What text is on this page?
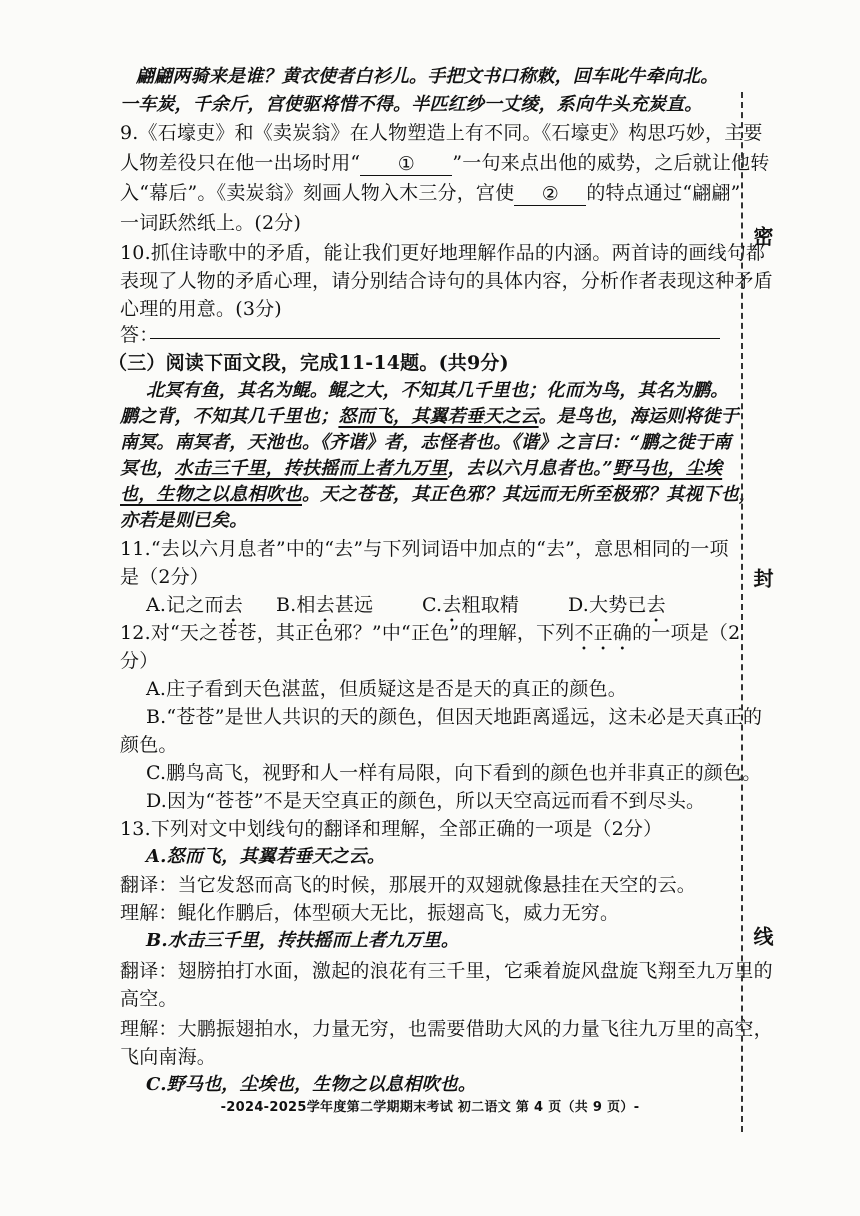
翩翩两骑来是谁？黄衣使者白衫儿。手把文书口称敕，回车叱牛牵向北。
一车炭，千余斤，宫使驱将惜不得。半匹红纱一丈绫，系向牛头充炭直。
9.《石壕吏》和《卖炭翁》在人物塑造上有不同。《石壕吏》构思巧妙，主要
人物差役只在他一出场时用“ ① ”一句来点出他的威势，之后就让他转
入“幕后”。《卖炭翁》刻画人物入木三分，宫使 ② 的特点通过“翩翩”
一词跃然纸上。(2分)
10.抓住诗歌中的矛盾，能让我们更好地理解作品的内涵。两首诗的画线句都
表现了人物的矛盾心理，请分别结合诗句的具体内容，分析作者表现这种矛盾
心理的用意。(3分)
答：
（三）阅读下面文段，完成11-14题。(共9分)
北冥有鱼，其名为鲲。鲲之大，不知其几千里也；化而为鸟，其名为鹏。
鹏之背，不知其几千里也；怒而飞，其翼若垂天之云。是鸟也，海运则将徙于
南冥。南冥者，天池也。《齐谐》者，志怪者也。《谐》之言曰：“鹏之徙于南
冥也，水击三千里，抟扶摇而上者九万里，去以六月息者也。”野马也，尘埃
也，生物之以息相吹也。天之苍苍，其正色邪？其远而无所至极邪？其视下也，
亦若是则已矣。
11.“去以六月息者”中的“去”与下列词语中加点的“去”，意思相同的一项
是（2分）
A.记之而去 B.相去甚远	C.去粗取精	D.大势已去
12.对“天之苍苍，其正色邪？”中“正色”的理解，下列不正确的一项是（2
分）
A.庄子看到天色湛蓝，但质疑这是否是天的真正的颜色。
B.“苍苍”是世人共识的天的颜色，但因天地距离遥远，这未必是天真正的
颜色。
C.鹏鸟高飞，视野和人一样有局限，向下看到的颜色也并非真正的颜色。
D.因为“苍苍”不是天空真正的颜色，所以天空高远而看不到尽头。
13.下列对文中划线句的翻译和理解，全部正确的一项是（2分）
A.怒而飞，其翼若垂天之云。
翻译：当它发怒而高飞的时候，那展开的双翅就像悬挂在天空的云。
理解：鲲化作鹏后，体型硕大无比，振翅高飞，威力无穷。
B.水击三千里，抟扶摇而上者九万里。
翻译：翅膀拍打水面，激起的浪花有三千里，它乘着旋风盘旋飞翔至九万里的
高空。
理解：大鹏振翅拍水，力量无穷，也需要借助大风的力量飞往九万里的高空，
飞向南海。
C.野马也，尘埃也，生物之以息相吹也。
密
封
线
-2024-2025学年度第二学期期末考试 初二语文 第 4 页（共 9 页）-
